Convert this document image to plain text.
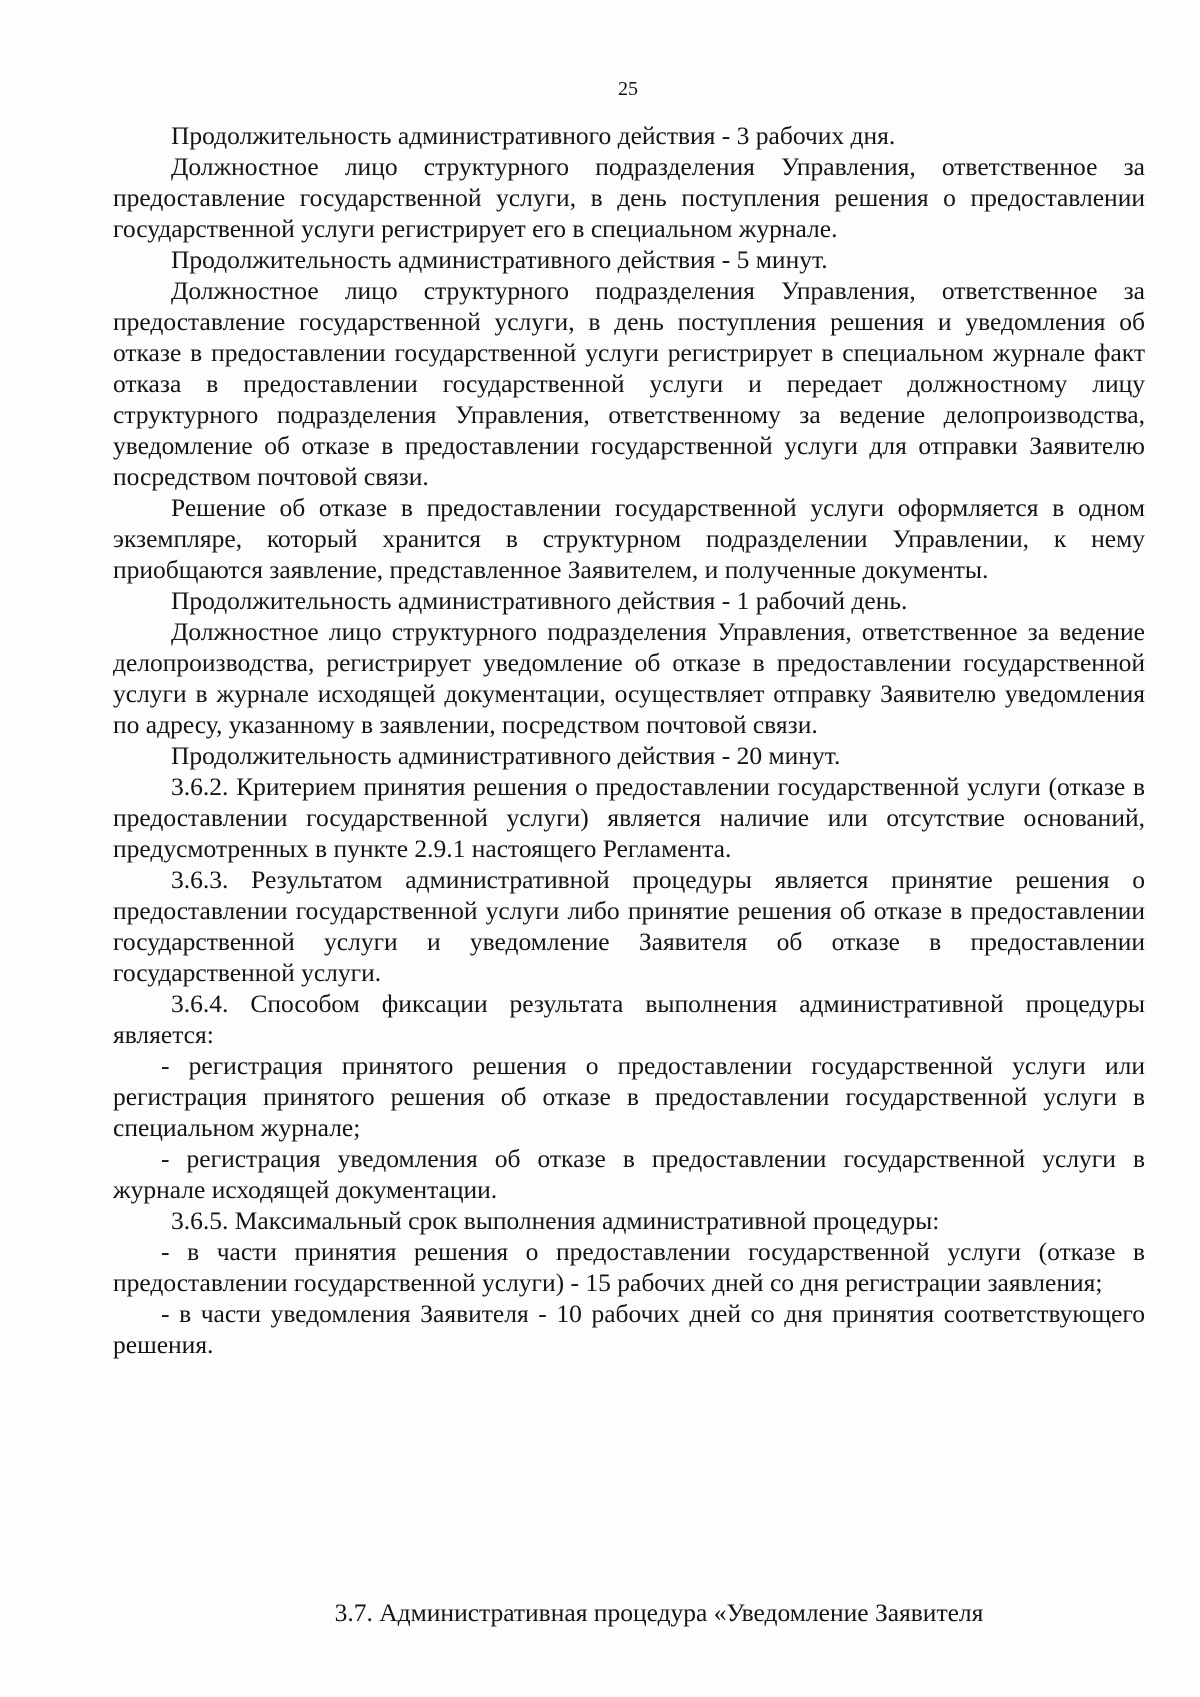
25

Продолжительность административного действия - 3 рабочих дня.

Должностное лицо структурного подразделения Управления, ответственное за предоставление государственной услуги, в день поступления решения о предоставлении государственной услуги регистрирует его в специальном журнале.

Продолжительность административного действия - 5 минут.

Должностное лицо структурного подразделения Управления, ответственное за предоставление государственной услуги, в день поступления решения и уведомления об отказе в предоставлении государственной услуги регистрирует в специальном журнале факт отказа в предоставлении государственной услуги и передает должностному лицу структурного подразделения Управления, ответственному за ведение делопроизводства, уведомление об отказе в предоставлении государственной услуги для отправки Заявителю посредством почтовой связи.

Решение об отказе в предоставлении государственной услуги оформляется в одном экземпляре, который хранится в структурном подразделении Управлении, к нему приобщаются заявление, представленное Заявителем, и полученные документы.

Продолжительность административного действия - 1 рабочий день.

Должностное лицо структурного подразделения Управления, ответственное за ведение делопроизводства, регистрирует уведомление об отказе в предоставлении государственной услуги в журнале исходящей документации, осуществляет отправку Заявителю уведомления по адресу, указанному в заявлении, посредством почтовой связи.

Продолжительность административного действия - 20 минут.

3.6.2. Критерием принятия решения о предоставлении государственной услуги (отказе в предоставлении государственной услуги) является наличие или отсутствие оснований, предусмотренных в пункте 2.9.1 настоящего Регламента.

3.6.3. Результатом административной процедуры является принятие решения о предоставлении государственной услуги либо принятие решения об отказе в предоставлении государственной услуги и уведомление Заявителя об отказе в предоставлении государственной услуги.

3.6.4. Способом фиксации результата выполнения административной процедуры является:

- регистрация принятого решения о предоставлении государственной услуги или регистрация принятого решения об отказе в предоставлении государственной услуги в специальном журнале;

- регистрация уведомления об отказе в предоставлении государственной услуги в журнале исходящей документации.

3.6.5. Максимальный срок выполнения административной процедуры:

- в части принятия решения о предоставлении государственной услуги (отказе в предоставлении государственной услуги) - 15 рабочих дней со дня регистрации заявления;

- в части уведомления Заявителя - 10 рабочих дней со дня принятия соответствующего решения.

3.7. Административная процедура «Уведомление Заявителя
